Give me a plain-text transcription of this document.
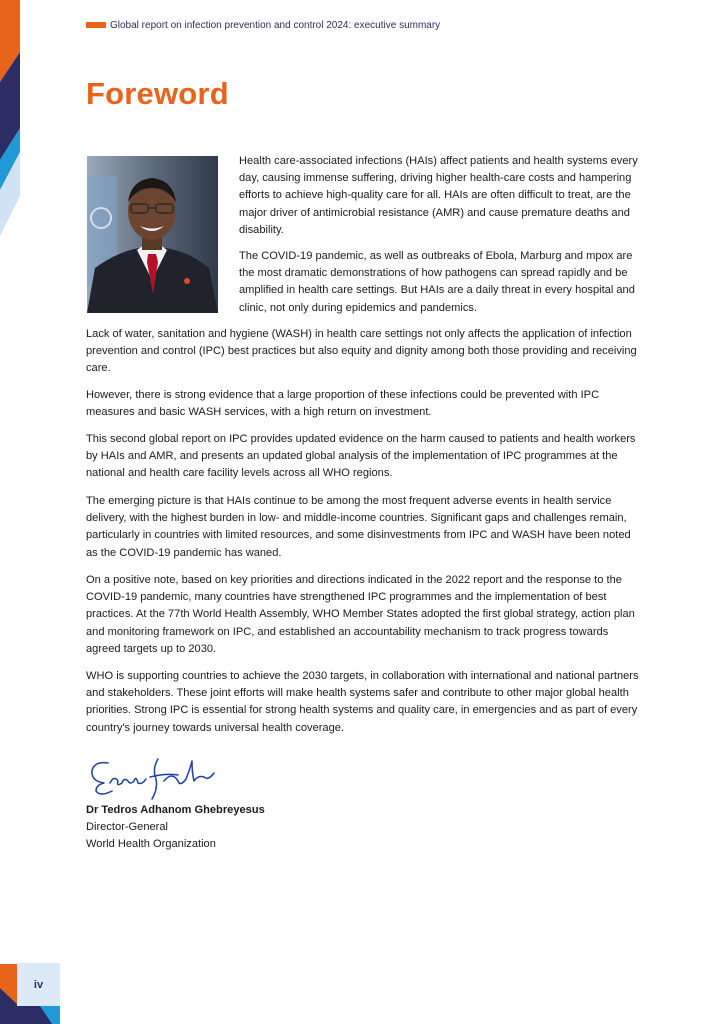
Global report on infection prevention and control 2024: executive summary
Foreword

Health care-associated infections (HAIs) affect patients and health systems every day, causing immense suffering, driving higher health-care costs and hampering efforts to achieve high-quality care for all. HAIs are often difficult to treat, are the major driver of antimicrobial resistance (AMR) and cause premature deaths and disability.

The COVID-19 pandemic, as well as outbreaks of Ebola, Marburg and mpox are the most dramatic demonstrations of how pathogens can spread rapidly and be amplified in health care settings. But HAIs are a daily threat in every hospital and clinic, not only during epidemics and pandemics.

Lack of water, sanitation and hygiene (WASH) in health care settings not only affects the application of infection prevention and control (IPC) best practices but also equity and dignity among both those providing and receiving care.

However, there is strong evidence that a large proportion of these infections could be prevented with IPC measures and basic WASH services, with a high return on investment.

This second global report on IPC provides updated evidence on the harm caused to patients and health workers by HAIs and AMR, and presents an updated global analysis of the implementation of IPC programmes at the national and health care facility levels across all WHO regions.

The emerging picture is that HAIs continue to be among the most frequent adverse events in health service delivery, with the highest burden in low- and middle-income countries. Significant gaps and challenges remain, particularly in countries with limited resources, and some disinvestments from IPC and WASH have been noted as the COVID-19 pandemic has waned.

On a positive note, based on key priorities and directions indicated in the 2022 report and the response to the COVID-19 pandemic, many countries have strengthened IPC programmes and the implementation of best practices. At the 77th World Health Assembly, WHO Member States adopted the first global strategy, action plan and monitoring framework on IPC, and established an accountability mechanism to track progress towards agreed targets up to 2030.

WHO is supporting countries to achieve the 2030 targets, in collaboration with international and national partners and stakeholders. These joint efforts will make health systems safer and contribute to other major global health priorities. Strong IPC is essential for strong health systems and quality care, in emergencies and as part of every country's journey towards universal health coverage.

Dr Tedros Adhanom Ghebreyesus

Director-General

World Health Organization

iv
